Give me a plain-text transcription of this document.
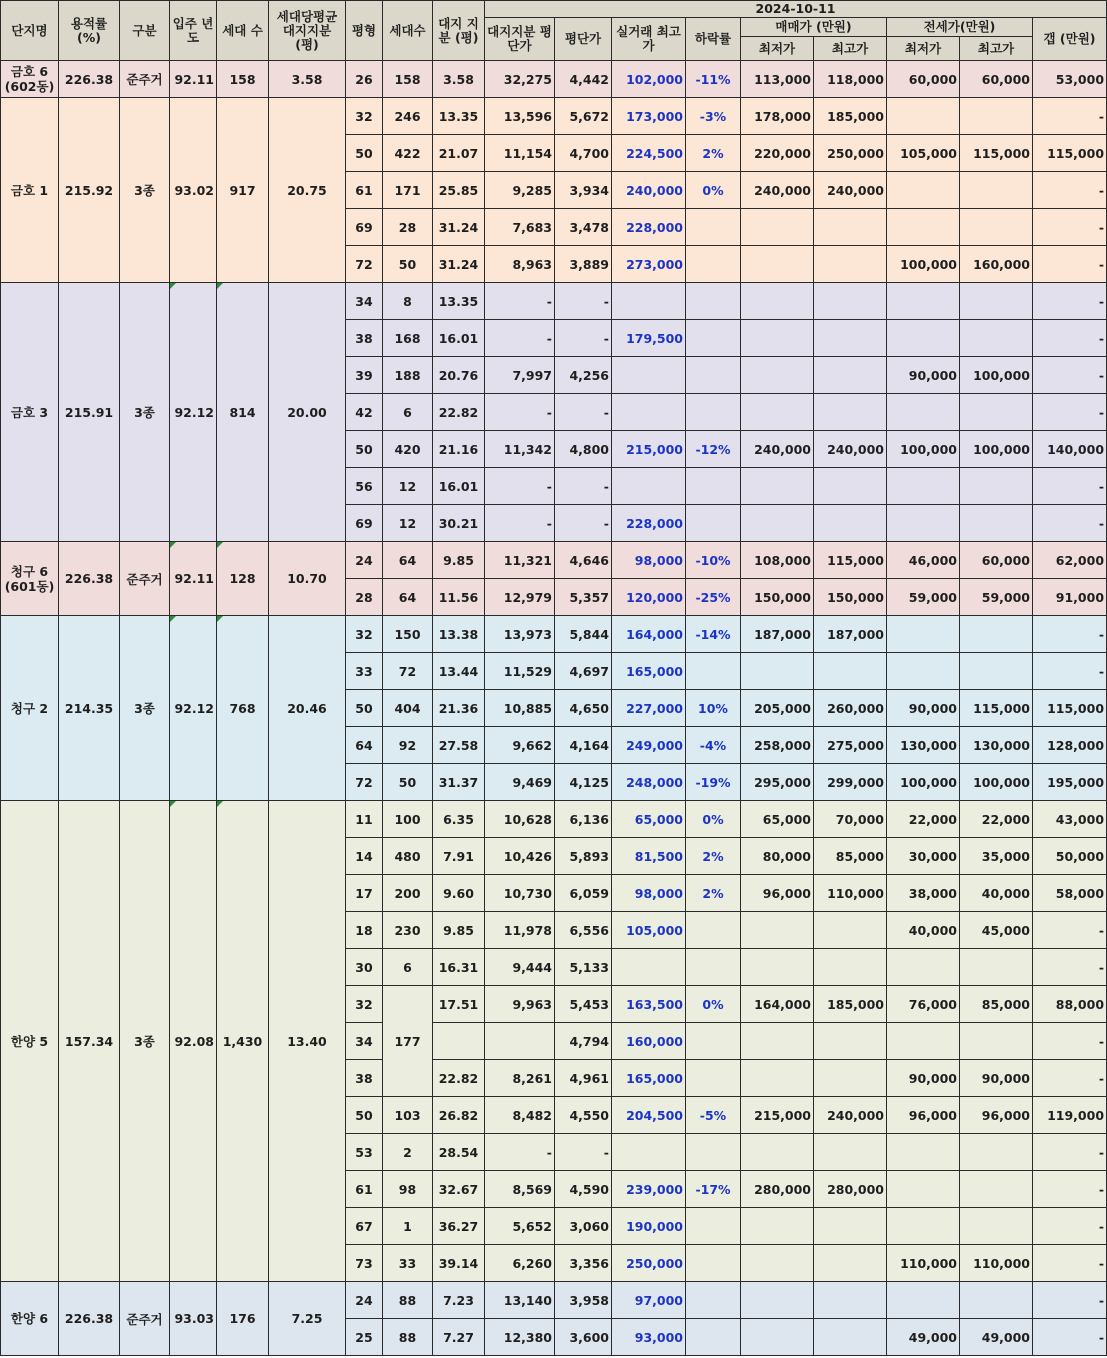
단지명	용적률 (%)	구분	입주 년도	세대 수	세대당평균 대지지분 (평)	평형	세대수	대지 지분 (평)	2024-10-11								
									대지지분 평단가	평단가	실거래 최고가	하락률	매매가 (만원)		전세가(만원)		갭 (만원)
													최저가	최고가	최저가	최고가	
금호 6 (602동)	226.38	준주거	92.11	158	3.58	26	158	3.58	32,275	4,442	102,000	-11%	113,000	118,000	60,000	60,000	53,000
금호 1	215.92	3종	93.02	917	20.75	32	246	13.35	13,596	5,672	173,000	-3%	178,000	185,000			-
						50	422	21.07	11,154	4,700	224,500	2%	220,000	250,000	105,000	115,000	115,000
						61	171	25.85	9,285	3,934	240,000	0%	240,000	240,000			-
						69	28	31.24	7,683	3,478	228,000						-
						72	50	31.24	8,963	3,889	273,000				100,000	160,000	-
금호 3	215.91	3종	92.12	814	20.00	34	8	13.35	-	-							-
						38	168	16.01	-	-	179,500						-
						39	188	20.76	7,997	4,256					90,000	100,000	-
						42	6	22.82	-	-							-
						50	420	21.16	11,342	4,800	215,000	-12%	240,000	240,000	100,000	100,000	140,000
						56	12	16.01	-	-							-
						69	12	30.21	-	-	228,000						-
청구 6 (601동)	226.38	준주거	92.11	128	10.70	24	64	9.85	11,321	4,646	98,000	-10%	108,000	115,000	46,000	60,000	62,000
						28	64	11.56	12,979	5,357	120,000	-25%	150,000	150,000	59,000	59,000	91,000
청구 2	214.35	3종	92.12	768	20.46	32	150	13.38	13,973	5,844	164,000	-14%	187,000	187,000			-
						33	72	13.44	11,529	4,697	165,000						-
						50	404	21.36	10,885	4,650	227,000	10%	205,000	260,000	90,000	115,000	115,000
						64	92	27.58	9,662	4,164	249,000	-4%	258,000	275,000	130,000	130,000	128,000
						72	50	31.37	9,469	4,125	248,000	-19%	295,000	299,000	100,000	100,000	195,000
한양 5	157.34	3종	92.08	1,430	13.40	11	100	6.35	10,628	6,136	65,000	0%	65,000	70,000	22,000	22,000	43,000
						14	480	7.91	10,426	5,893	81,500	2%	80,000	85,000	30,000	35,000	50,000
						17	200	9.60	10,730	6,059	98,000	2%	96,000	110,000	38,000	40,000	58,000
						18	230	9.85	11,978	6,556	105,000				40,000	45,000	-
						30	6	16.31	9,444	5,133							-
						32	177	17.51	9,963	5,453	163,500	0%	164,000	185,000	76,000	85,000	88,000
						34				4,794	160,000						-
						38		22.82	8,261	4,961	165,000				90,000	90,000	-
						50	103	26.82	8,482	4,550	204,500	-5%	215,000	240,000	96,000	96,000	119,000
						53	2	28.54	-	-							-
						61	98	32.67	8,569	4,590	239,000	-17%	280,000	280,000			-
						67	1	36.27	5,652	3,060	190,000						-
						73	33	39.14	6,260	3,356	250,000				110,000	110,000	-
한양 6	226.38	준주거	93.03	176	7.25	24	88	7.23	13,140	3,958	97,000						-
						25	88	7.27	12,380	3,600	93,000				49,000	49,000	-
